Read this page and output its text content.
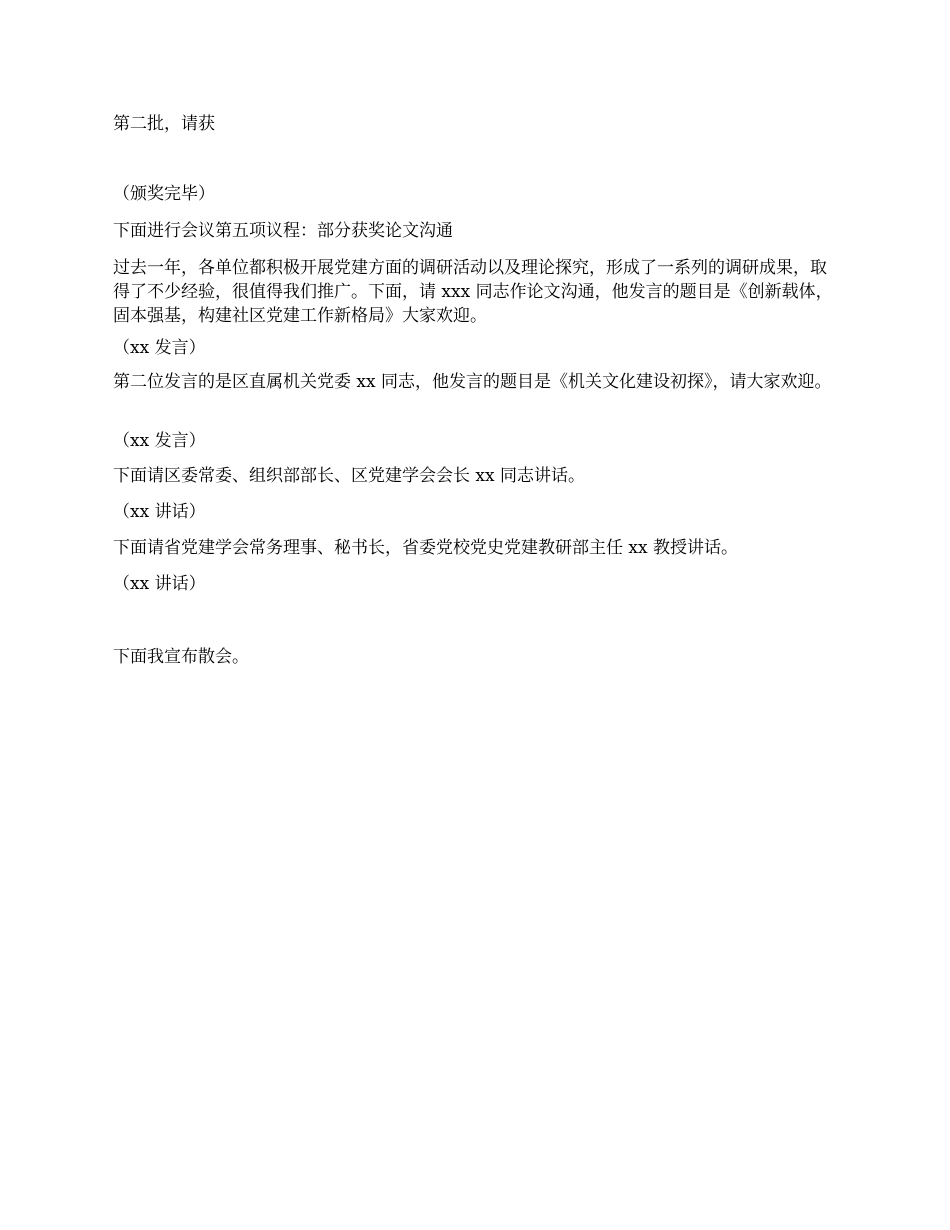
第二批，请获

（颁奖完毕）

下面进行会议第五项议程：部分获奖论文沟通

过去一年，各单位都积极开展党建方面的调研活动以及理论探究，形成了一系列的调研成果，取得了不少经验，很值得我们推广。下面，请 xxx 同志作论文沟通，他发言的题目是《创新载体，固本强基，构建社区党建工作新格局》大家欢迎。

（xx 发言）

第二位发言的是区直属机关党委 xx 同志，他发言的题目是《机关文化建设初探》，请大家欢迎。

（xx 发言）

下面请区委常委、组织部部长、区党建学会会长 xx 同志讲话。

（xx 讲话）

下面请省党建学会常务理事、秘书长，省委党校党史党建教研部主任 xx 教授讲话。

（xx 讲话）

下面我宣布散会。
